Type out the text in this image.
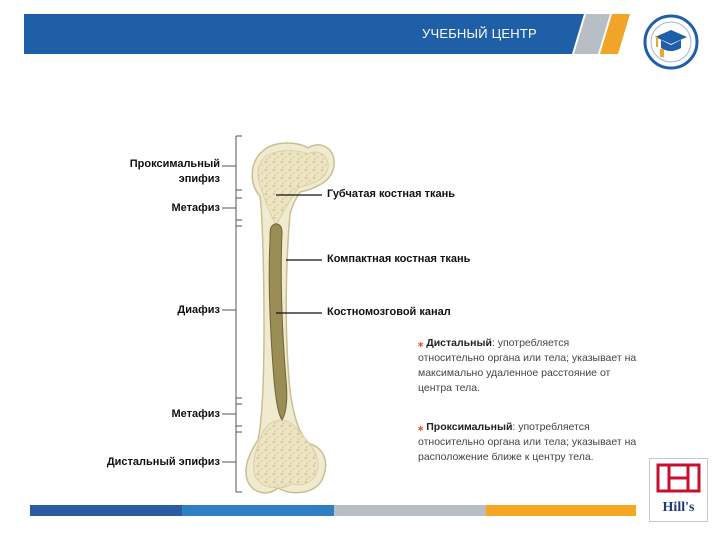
УЧЕБНЫЙ ЦЕНТР
Проксимальный эпифиз
Метафиз
Диафиз
Метафиз
Дистальный эпифиз
Губчатая костная ткань
Компактная костная ткань
Костномозговой канал
⁎ Дистальный: употребляется относительно органа или тела; указывает на максимально удаленное расстояние от центра тела.
⁎ Проксимальный: употребляется относительно органа или тела; указывает на расположение ближе к центру тела.
Hill's
